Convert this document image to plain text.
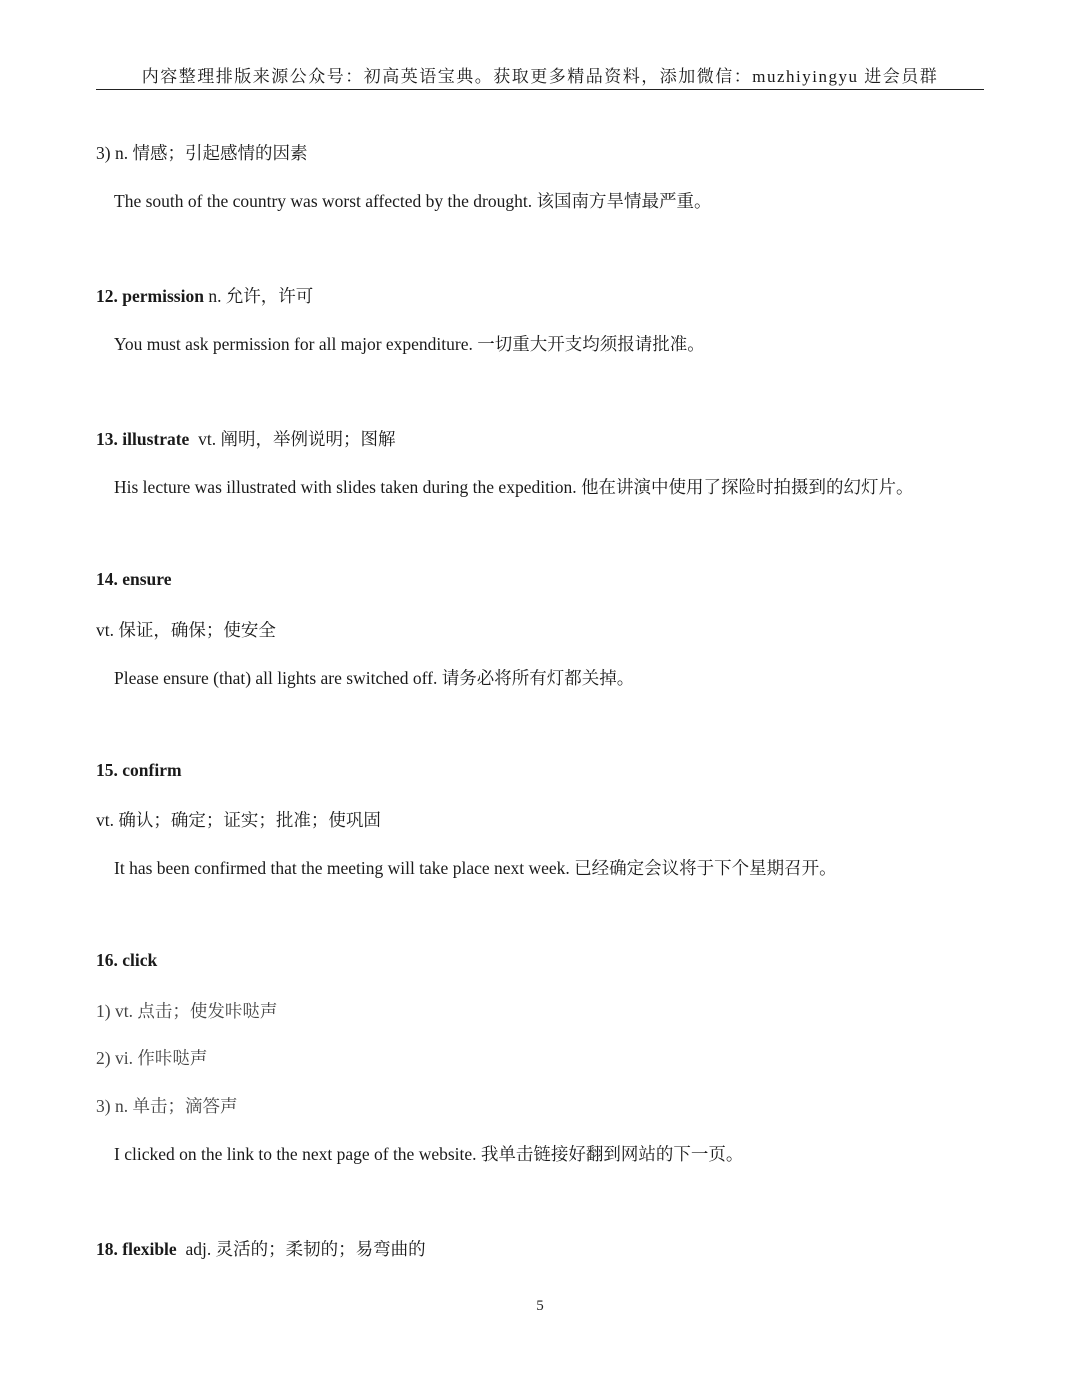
内容整理排版来源公众号：初高英语宝典。获取更多精品资料，添加微信：muzhiyingyu 进会员群
3) n. 情感；引起感情的因素
The south of the country was worst affected by the drought. 该国南方旱情最严重。
12. permission n. 允许，许可
You must ask permission for all major expenditure. 一切重大开支均须报请批准。
13. illustrate  vt. 阐明，举例说明；图解
His lecture was illustrated with slides taken during the expedition. 他在讲演中使用了探险时拍摄到的幻灯片。
14. ensure
vt. 保证，确保；使安全
Please ensure (that) all lights are switched off. 请务必将所有灯都关掉。
15. confirm
vt. 确认；确定；证实；批准；使巩固
It has been confirmed that the meeting will take place next week. 已经确定会议将于下个星期召开。
16. click
1) vt. 点击；使发咔哒声
2) vi. 作咔哒声
3) n. 单击；滴答声
I clicked on the link to the next page of the website. 我单击链接好翻到网站的下一页。
18. flexible  adj. 灵活的；柔韧的；易弯曲的
5
